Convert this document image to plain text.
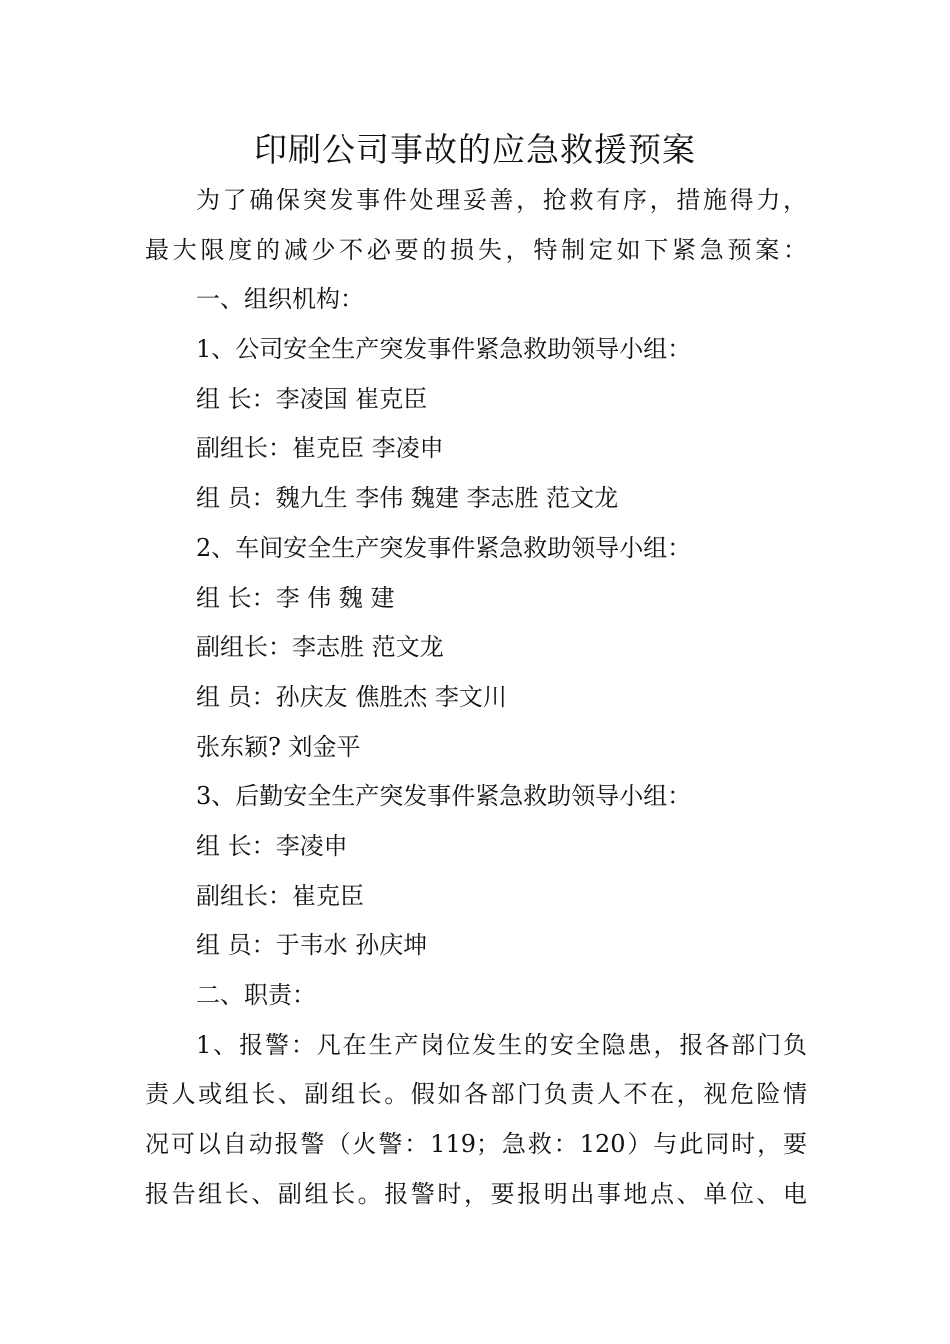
印刷公司事故的应急救援预案
为了确保突发事件处理妥善，抢救有序，措施得力，
最大限度的减少不必要的损失，特制定如下紧急预案：
一、组织机构：
1、公司安全生产突发事件紧急救助领导小组：
组 长：李凌国 崔克臣
副组长：崔克臣 李凌申
组 员：魏九生 李伟 魏建 李志胜 范文龙
2、车间安全生产突发事件紧急救助领导小组：
组 长：李 伟 魏 建
副组长：李志胜 范文龙
组 员：孙庆友 僬胜杰 李文川
张东颖? 刘金平
3、后勤安全生产突发事件紧急救助领导小组：
组 长：李凌申
副组长：崔克臣
组 员：于韦水 孙庆坤
二、职责：
1、报警：凡在生产岗位发生的安全隐患，报各部门负
责人或组长、副组长。假如各部门负责人不在，视危险情
况可以自动报警（火警：119；急救：120）与此同时，要
报告组长、副组长。报警时，要报明出事地点、单位、电
